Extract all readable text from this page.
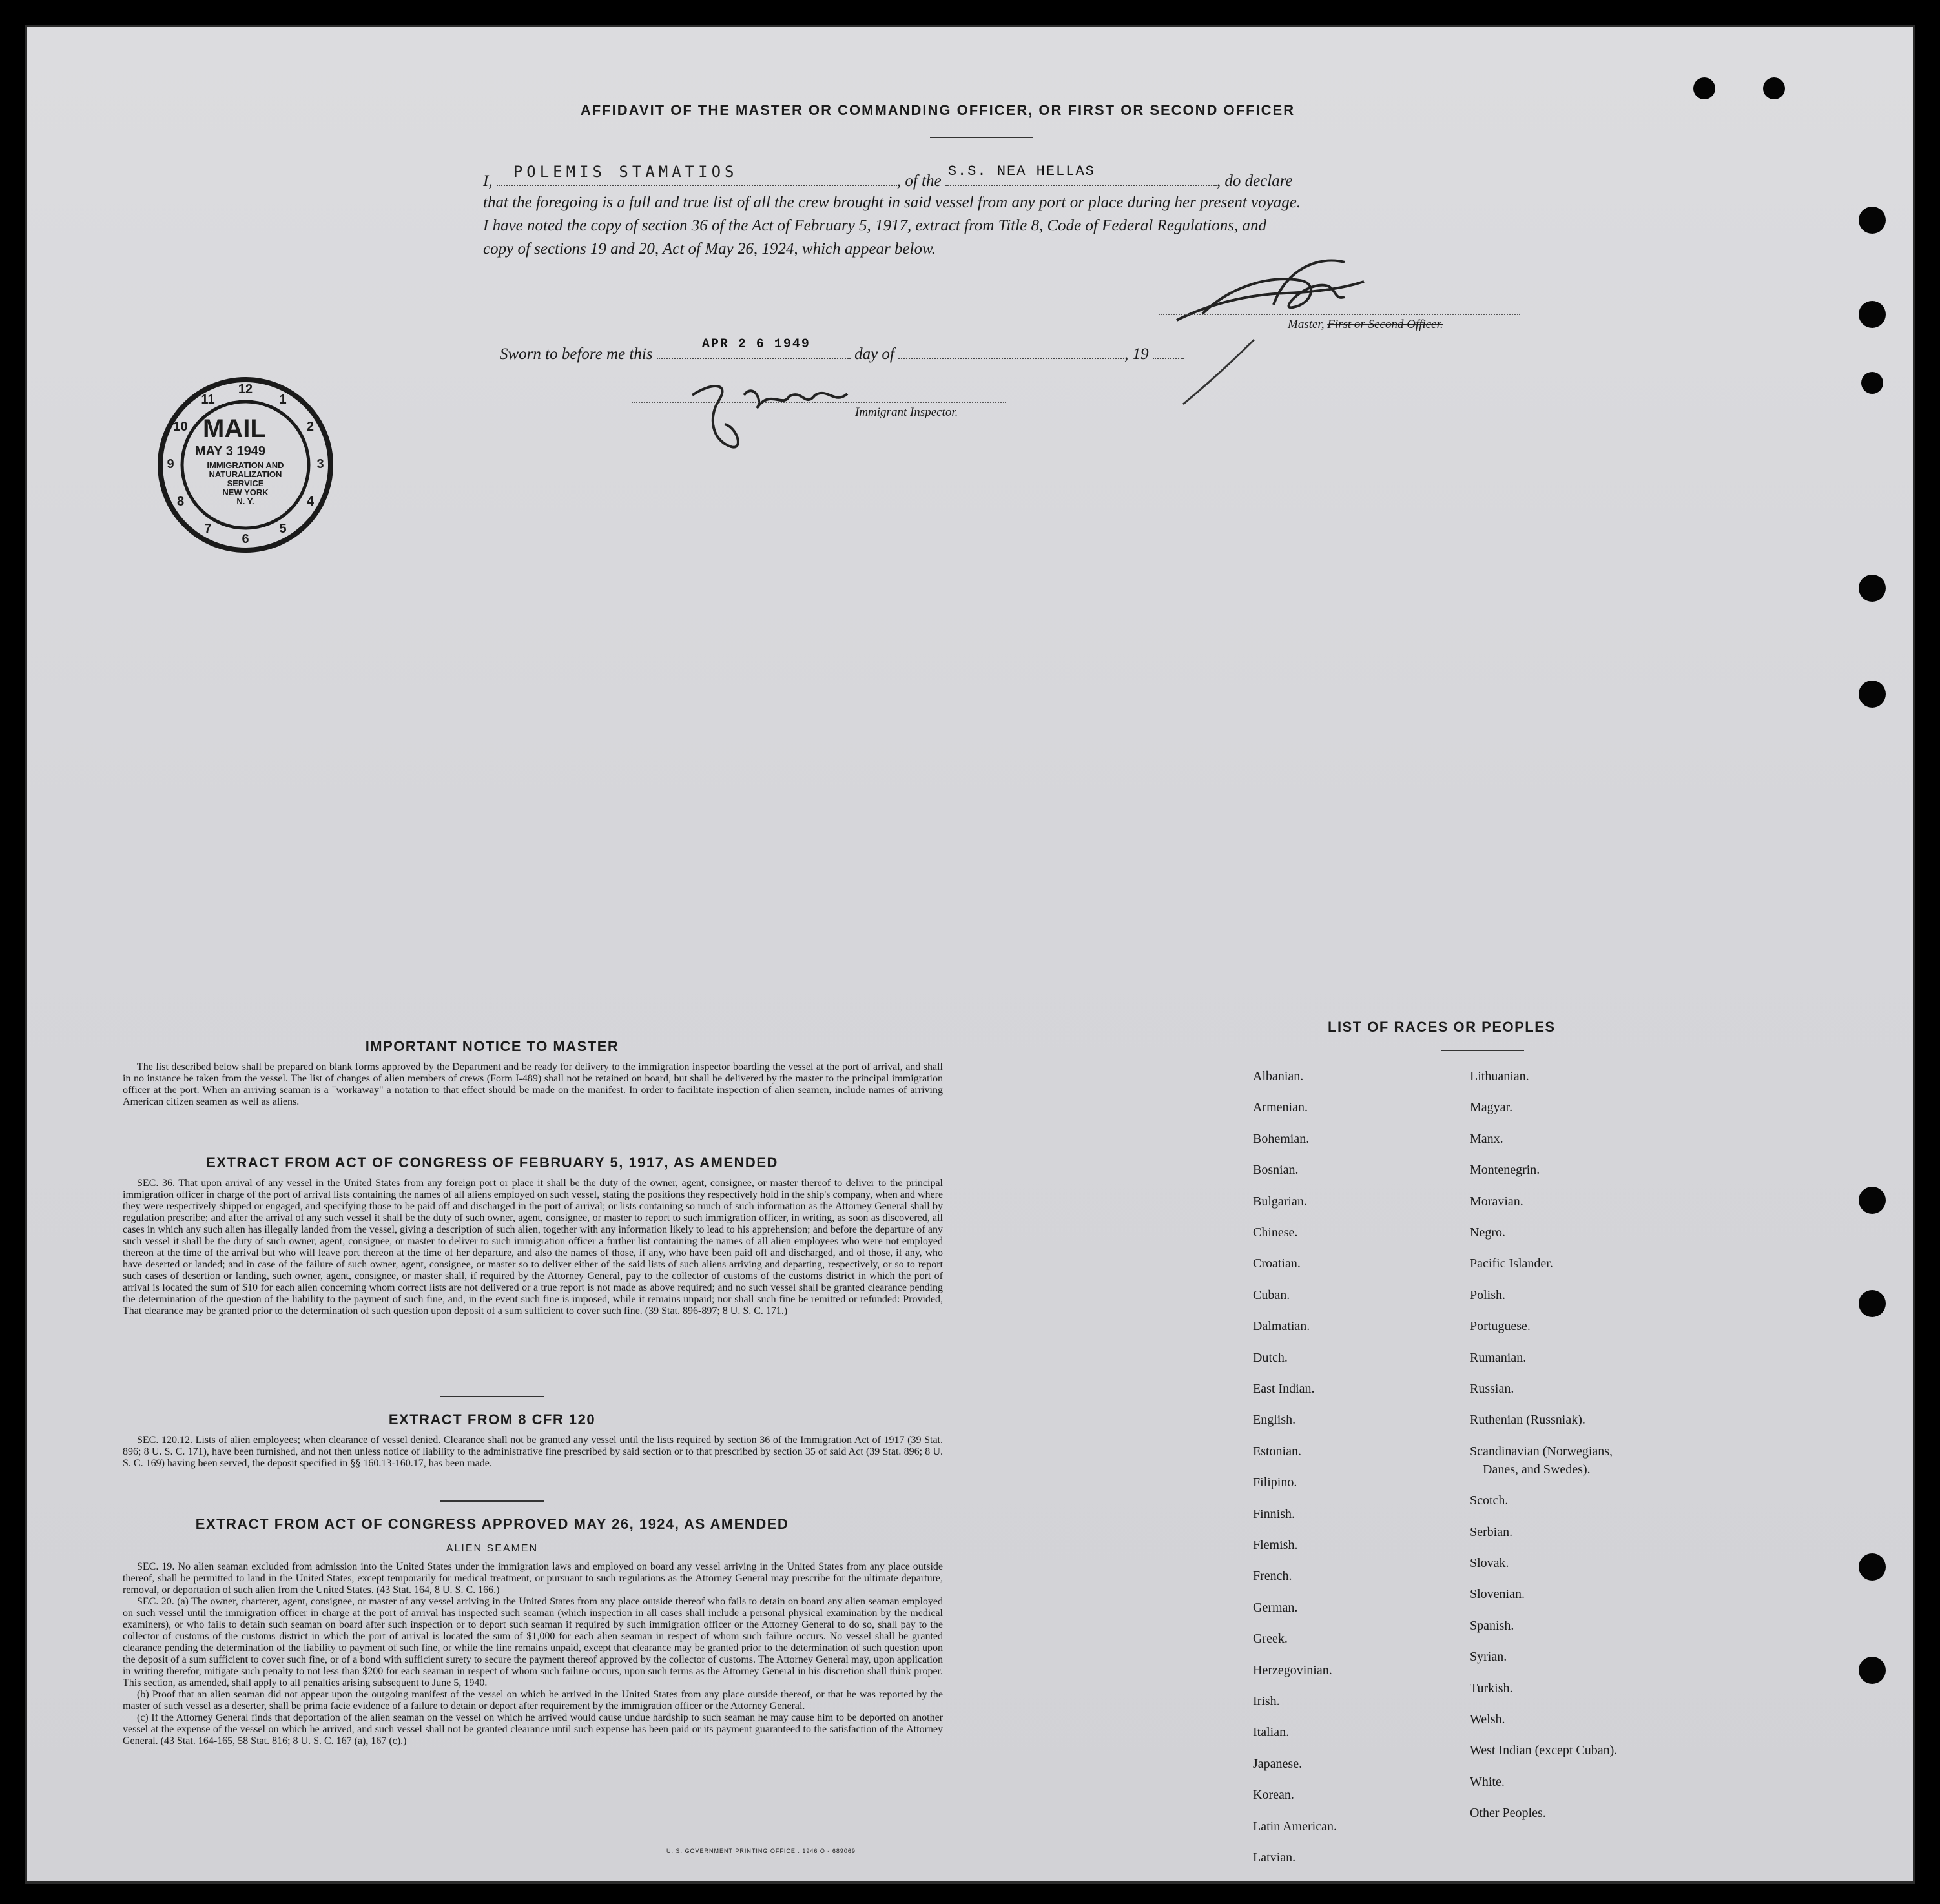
AFFIDAVIT OF THE MASTER OR COMMANDING OFFICER, OR FIRST OR SECOND OFFICER
I,
POLEMIS STAMATIOS
, of the
S.S. NEA HELLAS
, do declare
that the foregoing is a full and true list of all the crew brought in said vessel from any port or place during her present voyage.
I have noted the copy of section 36 of the Act of February 5, 1917, extract from Title 8, Code of Federal Regulations, and
copy of sections 19 and 20, Act of May 26, 1924, which appear below.
Master, First or Second Officer.
Sworn to before me this
APR 2 6 1949
day of	, 19
Immigrant Inspector.
1
2
3
4
5
6
7
8
9
10
11
12
MAIL
MAY 3 1949
IMMIGRATION AND
NATURALIZATION
SERVICE
NEW YORK
N. Y.
IMPORTANT NOTICE TO MASTER

The list described below shall be prepared on blank forms approved by the Department and be ready for delivery to the immigration inspector boarding the vessel at the port of arrival, and shall in no instance be taken from the vessel. The list of changes of alien members of crews (Form I-489) shall not be retained on board, but shall be delivered by the master to the principal immigration officer at the port. When an arriving seaman is a "workaway" a notation to that effect should be made on the manifest. In order to facilitate inspection of alien seamen, include names of arriving American citizen seamen as well as aliens.

EXTRACT FROM ACT OF CONGRESS OF FEBRUARY 5, 1917, AS AMENDED

SEC. 36. That upon arrival of any vessel in the United States from any foreign port or place it shall be the duty of the owner, agent, consignee, or master thereof to deliver to the principal immigration officer in charge of the port of arrival lists containing the names of all aliens employed on such vessel, stating the positions they respectively hold in the ship's company, when and where they were respectively shipped or engaged, and specifying those to be paid off and discharged in the port of arrival; or lists containing so much of such information as the Attorney General shall by regulation prescribe; and after the arrival of any such vessel it shall be the duty of such owner, agent, consignee, or master to report to such immigration officer, in writing, as soon as discovered, all cases in which any such alien has illegally landed from the vessel, giving a description of such alien, together with any information likely to lead to his apprehension; and before the departure of any such vessel it shall be the duty of such owner, agent, consignee, or master to deliver to such immigration officer a further list containing the names of all alien employees who were not employed thereon at the time of the arrival but who will leave port thereon at the time of her departure, and also the names of those, if any, who have been paid off and discharged, and of those, if any, who have deserted or landed; and in case of the failure of such owner, agent, consignee, or master so to deliver either of the said lists of such aliens arriving and departing, respectively, or so to report such cases of desertion or landing, such owner, agent, consignee, or master shall, if required by the Attorney General, pay to the collector of customs of the customs district in which the port of arrival is located the sum of $10 for each alien concerning whom correct lists are not delivered or a true report is not made as above required; and no such vessel shall be granted clearance pending the determination of the question of the liability to the payment of such fine, and, in the event such fine is imposed, while it remains unpaid; nor shall such fine be remitted or refunded: Provided, That clearance may be granted prior to the determination of such question upon deposit of a sum sufficient to cover such fine. (39 Stat. 896-897; 8 U. S. C. 171.)

EXTRACT FROM 8 CFR 120

SEC. 120.12. Lists of alien employees; when clearance of vessel denied. Clearance shall not be granted any vessel until the lists required by section 36 of the Immigration Act of 1917 (39 Stat. 896; 8 U. S. C. 171), have been furnished, and not then unless notice of liability to the administrative fine prescribed by said section or to that prescribed by section 35 of said Act (39 Stat. 896; 8 U. S. C. 169) having been served, the deposit specified in §§ 160.13-160.17, has been made.

EXTRACT FROM ACT OF CONGRESS APPROVED MAY 26, 1924, AS AMENDED
ALIEN SEAMEN

SEC. 19. No alien seaman excluded from admission into the United States under the immigration laws and employed on board any vessel arriving in the United States from any place outside thereof, shall be permitted to land in the United States, except temporarily for medical treatment, or pursuant to such regulations as the Attorney General may prescribe for the ultimate departure, removal, or deportation of such alien from the United States. (43 Stat. 164, 8 U. S. C. 166.)

SEC. 20. (a) The owner, charterer, agent, consignee, or master of any vessel arriving in the United States from any place outside thereof who fails to detain on board any alien seaman employed on such vessel until the immigration officer in charge at the port of arrival has inspected such seaman (which inspection in all cases shall include a personal physical examination by the medical examiners), or who fails to detain such seaman on board after such inspection or to deport such seaman if required by such immigration officer or the Attorney General to do so, shall pay to the collector of customs of the customs district in which the port of arrival is located the sum of $1,000 for each alien seaman in respect of whom such failure occurs. No vessel shall be granted clearance pending the determination of the liability to payment of such fine, or while the fine remains unpaid, except that clearance may be granted prior to the determination of such question upon the deposit of a sum sufficient to cover such fine, or of a bond with sufficient surety to secure the payment thereof approved by the collector of customs. The Attorney General may, upon application in writing therefor, mitigate such penalty to not less than $200 for each seaman in respect of whom such failure occurs, upon such terms as the Attorney General in his discretion shall think proper. This section, as amended, shall apply to all penalties arising subsequent to June 5, 1940.

(b) Proof that an alien seaman did not appear upon the outgoing manifest of the vessel on which he arrived in the United States from any place outside thereof, or that he was reported by the master of such vessel as a deserter, shall be prima facie evidence of a failure to detain or deport after requirement by the immigration officer or the Attorney General.

(c) If the Attorney General finds that deportation of the alien seaman on the vessel on which he arrived would cause undue hardship to such seaman he may cause him to be deported on another vessel at the expense of the vessel on which he arrived, and such vessel shall not be granted clearance until such expense has been paid or its payment guaranteed to the satisfaction of the Attorney General. (43 Stat. 164-165, 58 Stat. 816; 8 U. S. C. 167 (a), 167 (c).)

U. S. GOVERNMENT PRINTING OFFICE : 1946 O - 689069
LIST OF RACES OR PEOPLES
Albanian.
Armenian.
Bohemian.
Bosnian.
Bulgarian.
Chinese.
Croatian.
Cuban.
Dalmatian.
Dutch.
East Indian.
English.
Estonian.
Filipino.
Finnish.
Flemish.
French.
German.
Greek.
Herzegovinian.
Irish.
Italian.
Japanese.
Korean.
Latin American.
Latvian.
Lithuanian.
Magyar.
Manx.
Montenegrin.
Moravian.
Negro.
Pacific Islander.
Polish.
Portuguese.
Rumanian.
Russian.
Ruthenian (Russniak).
Scandinavian (Norwegians,
Danes, and Swedes).
Scotch.
Serbian.
Slovak.
Slovenian.
Spanish.
Syrian.
Turkish.
Welsh.
West Indian (except Cuban).
White.
Other Peoples.
